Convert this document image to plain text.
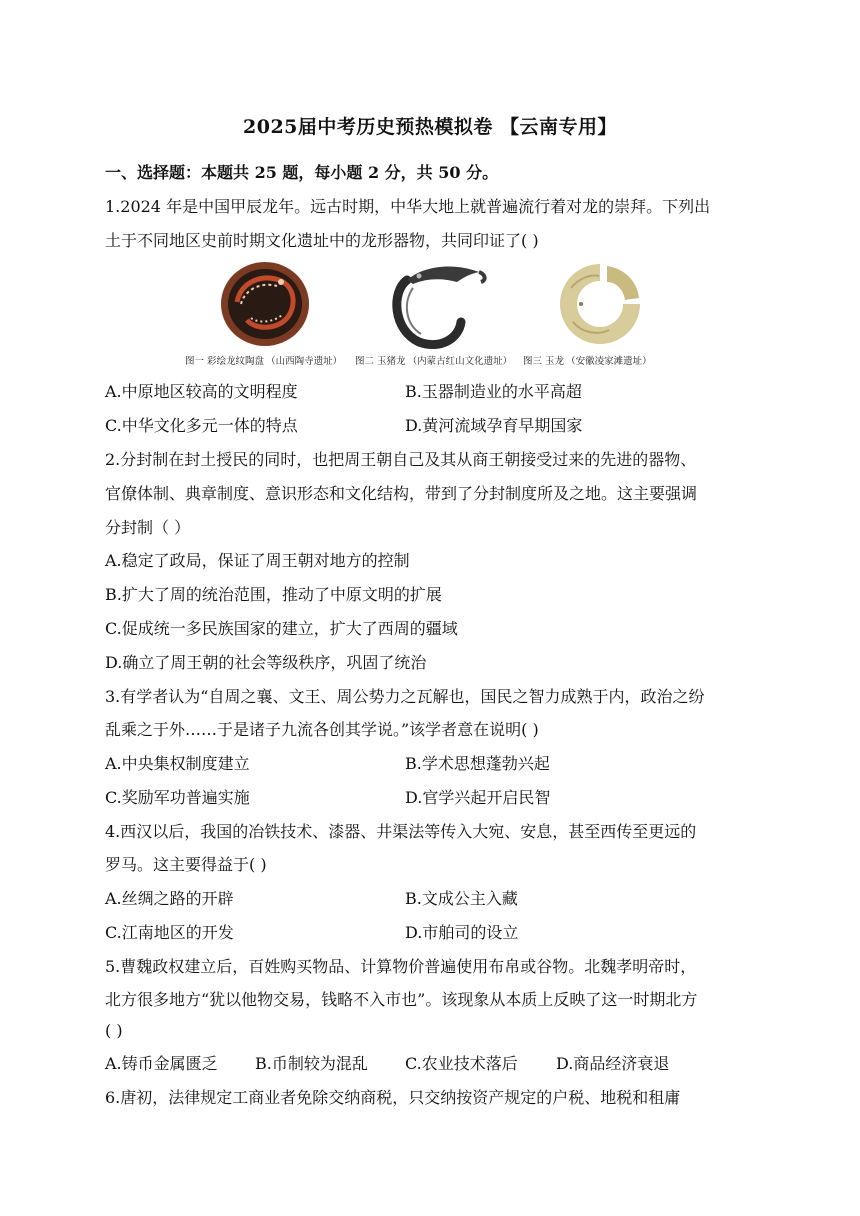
2025届中考历史预热模拟卷 【云南专用】
一、选择题：本题共 25 题，每小题 2 分，共 50 分。
1.2024 年是中国甲辰龙年。远古时期，中华大地上就普遍流行着对龙的崇拜。下列出
土于不同地区史前时期文化遗址中的龙形器物，共同印证了( )
图一 彩绘龙纹陶盘 （山西陶寺遗址） 图二 玉猪龙 （内蒙古红山文化遗址） 图三 玉龙 （安徽凌家滩遗址）
A.中原地区较高的文明程度	B.玉器制造业的水平高超
C.中华文化多元一体的特点	D.黄河流域孕育早期国家
2.分封制在封土授民的同时，也把周王朝自己及其从商王朝接受过来的先进的器物、
官僚体制、典章制度、意识形态和文化结构，带到了分封制度所及之地。这主要强调
分封制（ ）
A.稳定了政局，保证了周王朝对地方的控制
B.扩大了周的统治范围，推动了中原文明的扩展
C.促成统一多民族国家的建立，扩大了西周的疆域
D.确立了周王朝的社会等级秩序，巩固了统治
3.有学者认为“自周之襄、文王、周公势力之瓦解也，国民之智力成熟于内，政治之纷
乱乘之于外……于是诸子九流各创其学说。”该学者意在说明( )
A.中央集权制度建立	B.学术思想蓬勃兴起
C.奖励军功普遍实施	D.官学兴起开启民智
4.西汉以后，我国的冶铁技术、漆器、井渠法等传入大宛、安息，甚至西传至更远的
罗马。这主要得益于( )
A.丝绸之路的开辟	B.文成公主入藏
C.江南地区的开发	D.市舶司的设立
5.曹魏政权建立后，百姓购买物品、计算物价普遍使用布帛或谷物。北魏孝明帝时，
北方很多地方“犹以他物交易，钱略不入市也”。该现象从本质上反映了这一时期北方
( )
A.铸币金属匮乏 B.币制较为混乱 C.农业技术落后 D.商品经济衰退
6.唐初，法律规定工商业者免除交纳商税，只交纳按资产规定的户税、地税和租庸
